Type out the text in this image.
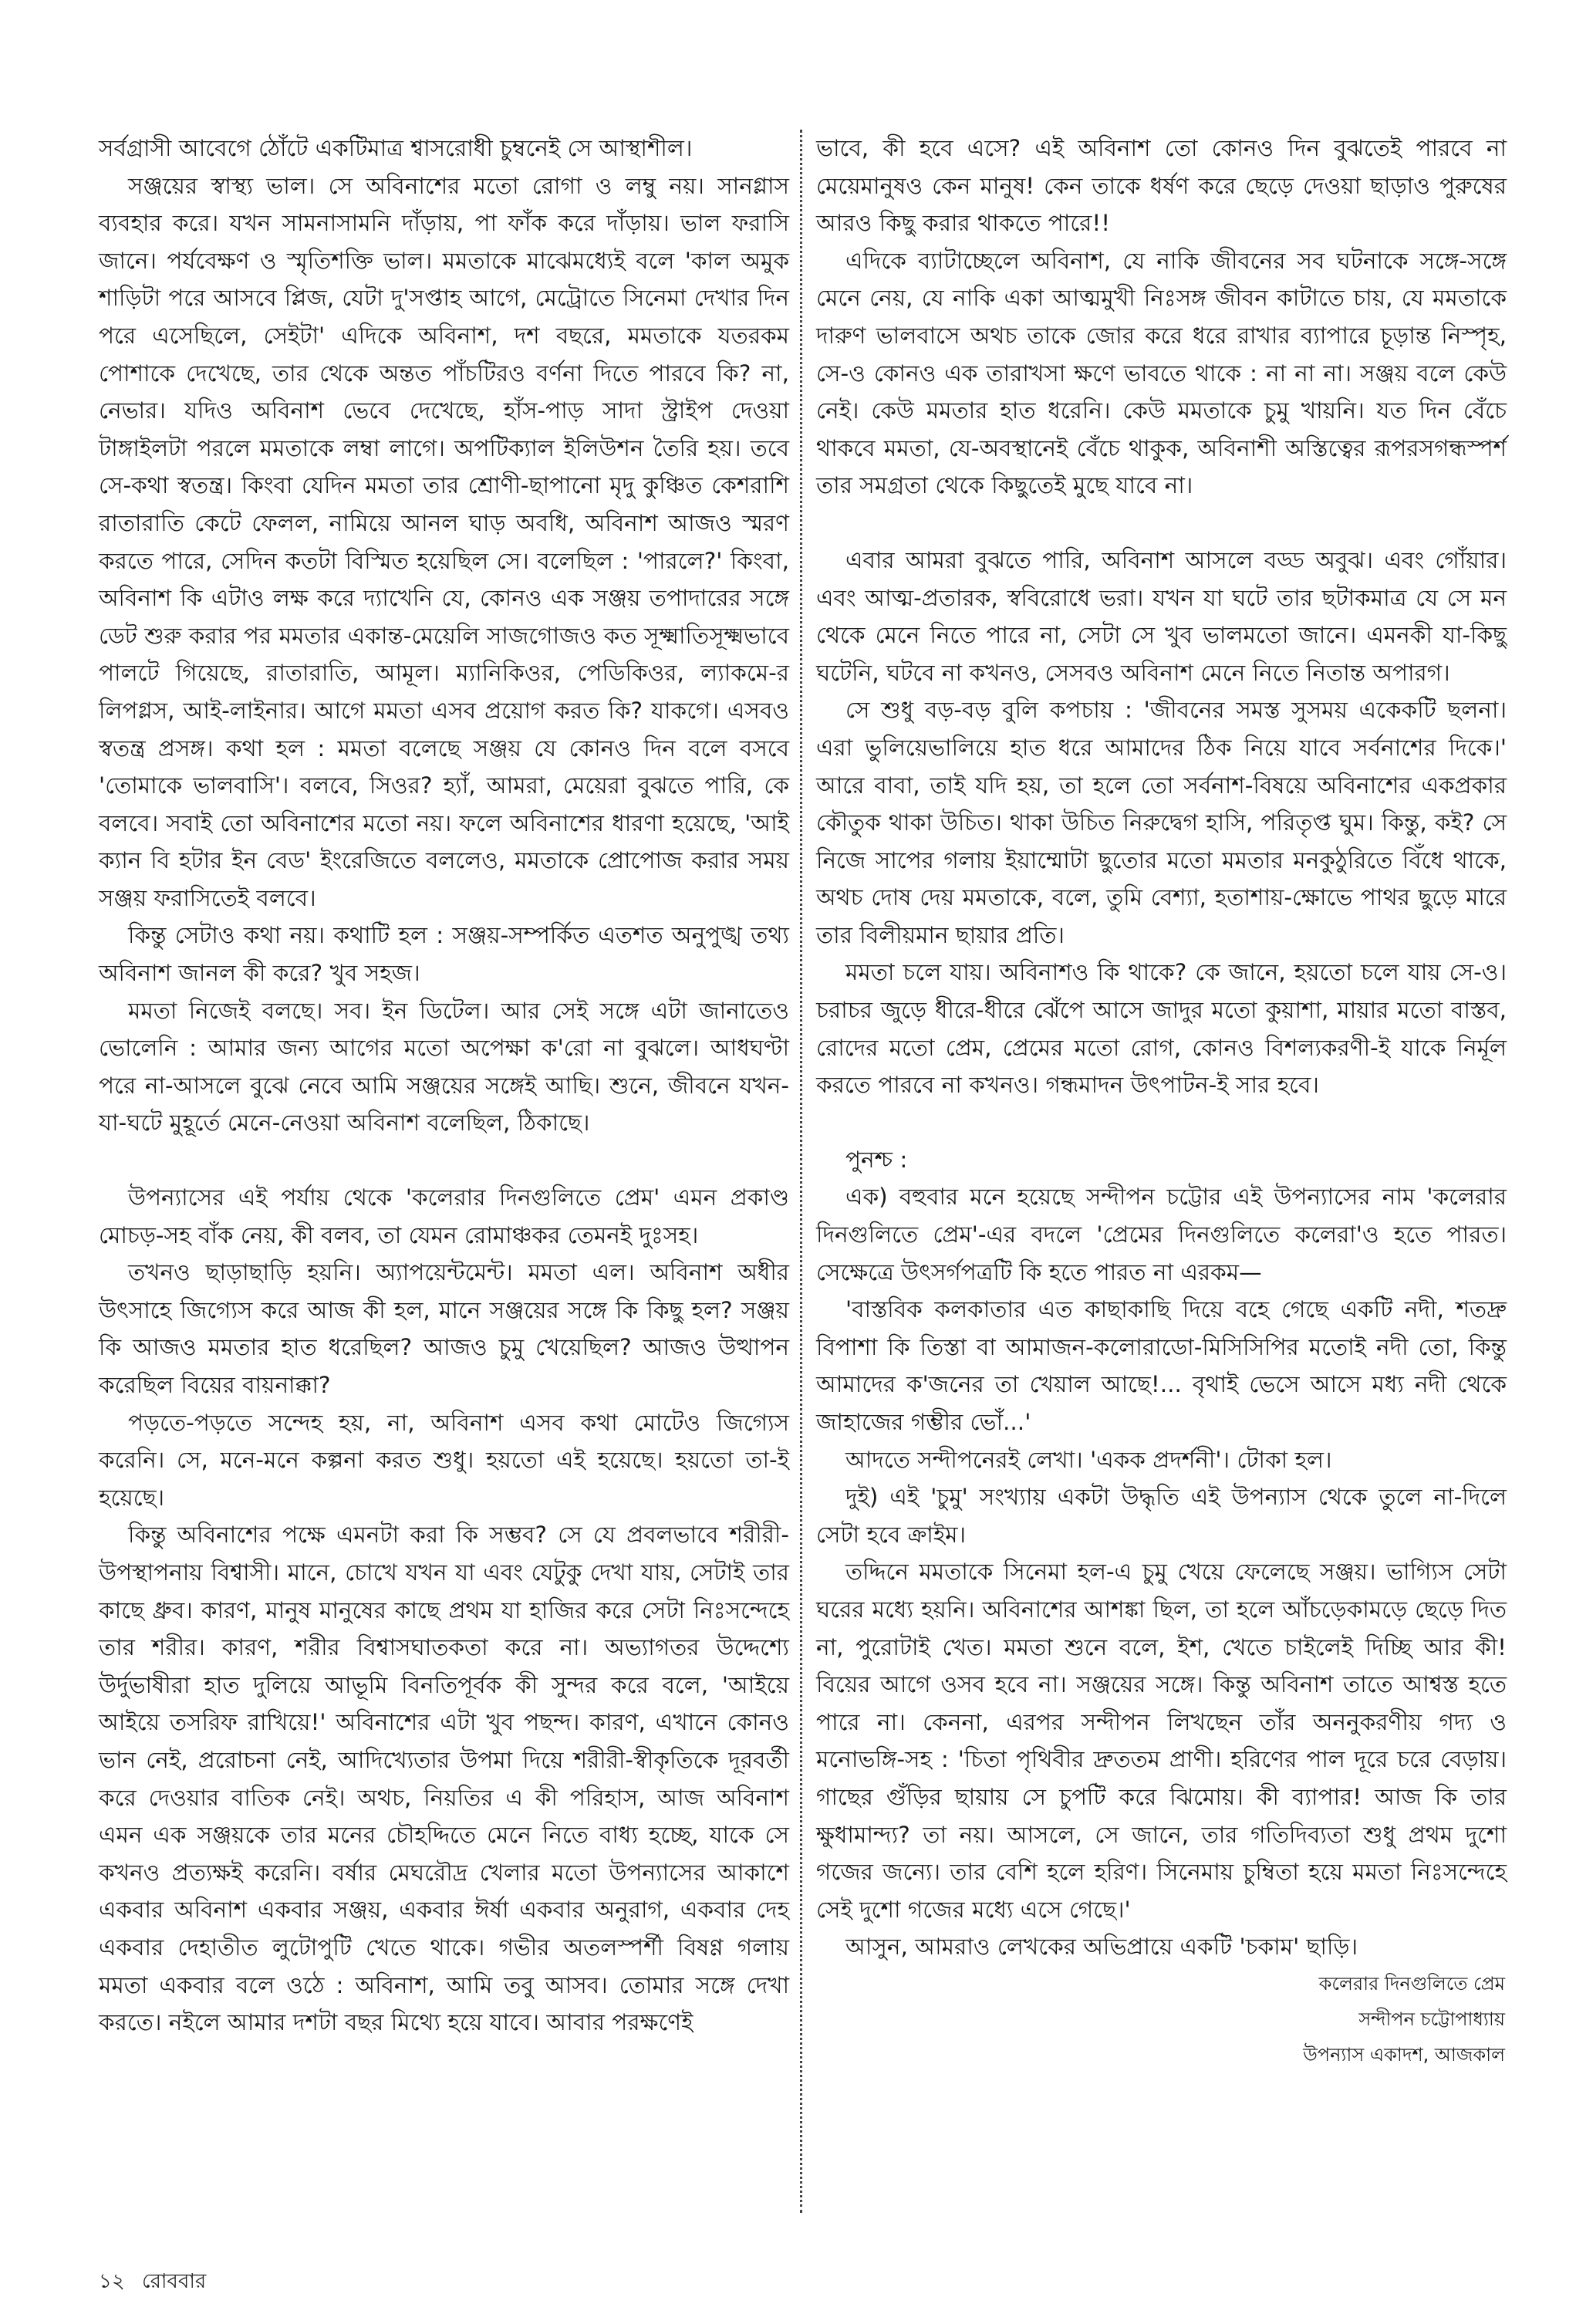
সর্বগ্রাসী আবেগে ঠোঁটে একটিমাত্র শ্বাসরোধী চুম্বনেই সে আস্থাশীল।

সঞ্জয়ের স্বাস্থ্য ভাল। সে অবিনাশের মতো রোগা ও লম্বু নয়। সানগ্লাস ব্যবহার করে। যখন সামনাসামনি দাঁড়ায়, পা ফাঁক করে দাঁড়ায়। ভাল ফরাসি জানে। পর্যবেক্ষণ ও স্মৃতিশক্তি ভাল। মমতাকে মাঝেমধ্যেই বলে 'কাল অমুক শাড়িটা পরে আসবে প্লিজ, যেটা দু'সপ্তাহ আগে, মেট্রোতে সিনেমা দেখার দিন পরে এসেছিলে, সেইটা' এদিকে অবিনাশ, দশ বছরে, মমতাকে যতরকম পোশাকে দেখেছে, তার থেকে অন্তত পাঁচটিরও বর্ণনা দিতে পারবে কি? না, নেভার। যদিও অবিনাশ ভেবে দেখেছে, হাঁস-পাড় সাদা স্ট্রাইপ দেওয়া টাঙ্গাইলটা পরলে মমতাকে লম্বা লাগে। অপটিক্যাল ইলিউশন তৈরি হয়। তবে সে-কথা স্বতন্ত্র। কিংবা যেদিন মমতা তার শ্রোণী-ছাপানো মৃদু কুঞ্চিত কেশরাশি রাতারাতি কেটে ফেলল, নামিয়ে আনল ঘাড় অবধি, অবিনাশ আজও স্মরণ করতে পারে, সেদিন কতটা বিস্মিত হয়েছিল সে। বলেছিল : 'পারলে?' কিংবা, অবিনাশ কি এটাও লক্ষ করে দ্যাখেনি যে, কোনও এক সঞ্জয় তপাদারের সঙ্গে ডেট শুরু করার পর মমতার একান্ত-মেয়েলি সাজগোজও কত সূক্ষ্মাতিসূক্ষ্মভাবে পালটে গিয়েছে, রাতারাতি, আমূল। ম্যানিকিওর, পেডিকিওর, ল্যাকমে-র লিপগ্লস, আই-লাইনার। আগে মমতা এসব প্রয়োগ করত কি? যাকগে। এসবও স্বতন্ত্র প্রসঙ্গ। কথা হল : মমতা বলেছে সঞ্জয় যে কোনও দিন বলে বসবে 'তোমাকে ভালবাসি'। বলবে, সিওর? হ্যাঁ, আমরা, মেয়েরা বুঝতে পারি, কে বলবে। সবাই তো অবিনাশের মতো নয়। ফলে অবিনাশের ধারণা হয়েছে, 'আই ক্যান বি হটার ইন বেড' ইংরেজিতে বললেও, মমতাকে প্রোপোজ করার সময় সঞ্জয় ফরাসিতেই বলবে।

কিন্তু সেটাও কথা নয়। কথাটি হল : সঞ্জয়-সম্পর্কিত এতশত অনুপুঙ্খ তথ্য অবিনাশ জানল কী করে? খুব সহজ।

মমতা নিজেই বলছে। সব। ইন ডিটেল। আর সেই সঙ্গে এটা জানাতেও ভোলেনি : আমার জন্য আগের মতো অপেক্ষা ক'রো না বুঝলে। আধঘণ্টা পরে না-আসলে বুঝে নেবে আমি সঞ্জয়ের সঙ্গেই আছি। শুনে, জীবনে যখন-যা-ঘটে মুহূর্তে মেনে-নেওয়া অবিনাশ বলেছিল, ঠিকাছে।

উপন্যাসের এই পর্যায় থেকে 'কলেরার দিনগুলিতে প্রেম' এমন প্রকাণ্ড মোচড়-সহ বাঁক নেয়, কী বলব, তা যেমন রোমাঞ্চকর তেমনই দুঃসহ।

তখনও ছাড়াছাড়ি হয়নি। অ্যাপয়েন্টমেন্ট। মমতা এল। অবিনাশ অধীর উৎসাহে জিগ্যেস করে আজ কী হল, মানে সঞ্জয়ের সঙ্গে কি কিছু হল? সঞ্জয় কি আজও মমতার হাত ধরেছিল? আজও চুমু খেয়েছিল? আজও উত্থাপন করেছিল বিয়ের বায়নাক্কা?

পড়তে-পড়তে সন্দেহ হয়, না, অবিনাশ এসব কথা মোটেও জিগ্যেস করেনি। সে, মনে-মনে কল্পনা করত শুধু। হয়তো এই হয়েছে। হয়তো তা-ই হয়েছে।

কিন্তু অবিনাশের পক্ষে এমনটা করা কি সম্ভব? সে যে প্রবলভাবে শরীরী-উপস্থাপনায় বিশ্বাসী। মানে, চোখে যখন যা এবং যেটুকু দেখা যায়, সেটাই তার কাছে ধ্রুব। কারণ, মানুষ মানুষের কাছে প্রথম যা হাজির করে সেটা নিঃসন্দেহে তার শরীর। কারণ, শরীর বিশ্বাসঘাতকতা করে না। অভ্যাগতর উদ্দেশ্যে উর্দুভাষীরা হাত দুলিয়ে আভূমি বিনতিপূর্বক কী সুন্দর করে বলে, 'আইয়ে আইয়ে তসরিফ রাখিয়ে!' অবিনাশের এটা খুব পছন্দ। কারণ, এখানে কোনও ভান নেই, প্ররোচনা নেই, আদিখ্যেতার উপমা দিয়ে শরীরী-স্বীকৃতিকে দূরবর্তী করে দেওয়ার বাতিক নেই। অথচ, নিয়তির এ কী পরিহাস, আজ অবিনাশ এমন এক সঞ্জয়কে তার মনের চৌহদ্দিতে মেনে নিতে বাধ্য হচ্ছে, যাকে সে কখনও প্রত্যক্ষই করেনি। বর্ষার মেঘরৌদ্র খেলার মতো উপন্যাসের আকাশে একবার অবিনাশ একবার সঞ্জয়, একবার ঈর্ষা একবার অনুরাগ, একবার দেহ একবার দেহাতীত লুটোপুটি খেতে থাকে। গভীর অতলস্পর্শী বিষণ্ণ গলায় মমতা একবার বলে ওঠে : অবিনাশ, আমি তবু আসব। তোমার সঙ্গে দেখা করতে। নইলে আমার দশটা বছর মিথ্যে হয়ে যাবে। আবার পরক্ষণেই

ভাবে, কী হবে এসে? এই অবিনাশ তো কোনও দিন বুঝতেই পারবে না মেয়েমানুষও কেন মানুষ! কেন তাকে ধর্ষণ করে ছেড়ে দেওয়া ছাড়াও পুরুষের আরও কিছু করার থাকতে পারে!!

এদিকে ব্যাটাচ্ছেলে অবিনাশ, যে নাকি জীবনের সব ঘটনাকে সঙ্গে-সঙ্গে মেনে নেয়, যে নাকি একা আত্মমুখী নিঃসঙ্গ জীবন কাটাতে চায়, যে মমতাকে দারুণ ভালবাসে অথচ তাকে জোর করে ধরে রাখার ব্যাপারে চূড়ান্ত নিস্পৃহ, সে-ও কোনও এক তারাখসা ক্ষণে ভাবতে থাকে : না না না। সঞ্জয় বলে কেউ নেই। কেউ মমতার হাত ধরেনি। কেউ মমতাকে চুমু খায়নি। যত দিন বেঁচে থাকবে মমতা, যে-অবস্থানেই বেঁচে থাকুক, অবিনাশী অস্তিত্বের রূপরসগন্ধস্পর্শ তার সমগ্রতা থেকে কিছুতেই মুছে যাবে না।

এবার আমরা বুঝতে পারি, অবিনাশ আসলে বড্ড অবুঝ। এবং গোঁয়ার। এবং আত্ম-প্রতারক, স্ববিরোধে ভরা। যখন যা ঘটে তার ছটাকমাত্র যে সে মন থেকে মেনে নিতে পারে না, সেটা সে খুব ভালমতো জানে। এমনকী যা-কিছু ঘটেনি, ঘটবে না কখনও, সেসবও অবিনাশ মেনে নিতে নিতান্ত অপারগ।

সে শুধু বড়-বড় বুলি কপচায় : 'জীবনের সমস্ত সুসময় একেকটি ছলনা। এরা ভুলিয়েভালিয়ে হাত ধরে আমাদের ঠিক নিয়ে যাবে সর্বনাশের দিকে।' আরে বাবা, তাই যদি হয়, তা হলে তো সর্বনাশ-বিষয়ে অবিনাশের একপ্রকার কৌতুক থাকা উচিত। থাকা উচিত নিরুদ্বেগ হাসি, পরিতৃপ্ত ঘুম। কিন্তু, কই? সে নিজে সাপের গলায় ইয়াম্মোটা ছুতোর মতো মমতার মনকুঠুরিতে বিঁধে থাকে, অথচ দোষ দেয় মমতাকে, বলে, তুমি বেশ্যা, হতাশায়-ক্ষোভে পাথর ছুড়ে মারে তার বিলীয়মান ছায়ার প্রতি।

মমতা চলে যায়। অবিনাশও কি থাকে? কে জানে, হয়তো চলে যায় সে-ও। চরাচর জুড়ে ধীরে-ধীরে ঝেঁপে আসে জাদুর মতো কুয়াশা, মায়ার মতো বাস্তব, রোদের মতো প্রেম, প্রেমের মতো রোগ, কোনও বিশল্যকরণী-ই যাকে নির্মূল করতে পারবে না কখনও। গন্ধমাদন উৎপাটন-ই সার হবে।

পুনশ্চ :

এক) বহুবার মনে হয়েছে সন্দীপন চট্টোর এই উপন্যাসের নাম 'কলেরার দিনগুলিতে প্রেম'-এর বদলে 'প্রেমের দিনগুলিতে কলেরা'ও হতে পারত। সেক্ষেত্রে উৎসর্গপত্রটি কি হতে পারত না এরকম—

'বাস্তবিক কলকাতার এত কাছাকাছি দিয়ে বহে গেছে একটি নদী, শতদ্রু বিপাশা কি তিস্তা বা আমাজন-কলোরাডো-মিসিসিপির মতোই নদী তো, কিন্তু আমাদের ক'জনের তা খেয়াল আছে!... বৃথাই ভেসে আসে মধ্য নদী থেকে জাহাজের গম্ভীর ভোঁ...'

আদতে সন্দীপনেরই লেখা। 'একক প্রদর্শনী'। টোকা হল।

দুই) এই 'চুমু' সংখ্যায় একটা উদ্ধৃতি এই উপন্যাস থেকে তুলে না-দিলে সেটা হবে ক্রাইম।

তদ্দিনে মমতাকে সিনেমা হল-এ চুমু খেয়ে ফেলেছে সঞ্জয়। ভাগ্যিস সেটা ঘরের মধ্যে হয়নি। অবিনাশের আশঙ্কা ছিল, তা হলে আঁচড়েকামড়ে ছেড়ে দিত না, পুরোটাই খেত। মমতা শুনে বলে, ইশ, খেতে চাইলেই দিচ্ছি আর কী! বিয়ের আগে ওসব হবে না। সঞ্জয়ের সঙ্গে। কিন্তু অবিনাশ তাতে আশ্বস্ত হতে পারে না। কেননা, এরপর সন্দীপন লিখছেন তাঁর অননুকরণীয় গদ্য ও মনোভঙ্গি-সহ : 'চিতা পৃথিবীর দ্রুততম প্রাণী। হরিণের পাল দূরে চরে বেড়ায়। গাছের গুঁড়ির ছায়ায় সে চুপটি করে ঝিমোয়। কী ব্যাপার! আজ কি তার ক্ষুধামান্দ্য? তা নয়। আসলে, সে জানে, তার গতিদিব্যতা শুধু প্রথম দুশো গজের জন্যে। তার বেশি হলে হরিণ। সিনেমায় চুম্বিতা হয়ে মমতা নিঃসন্দেহে সেই দুশো গজের মধ্যে এসে গেছে।'

আসুন, আমরাও লেখকের অভিপ্রায়ে একটি 'চকাম' ছাড়ি।

কলেরার দিনগুলিতে প্রেম
সন্দীপন চট্টোপাধ্যায়
উপন্যাস একাদশ, আজকাল
১২ রোববার
